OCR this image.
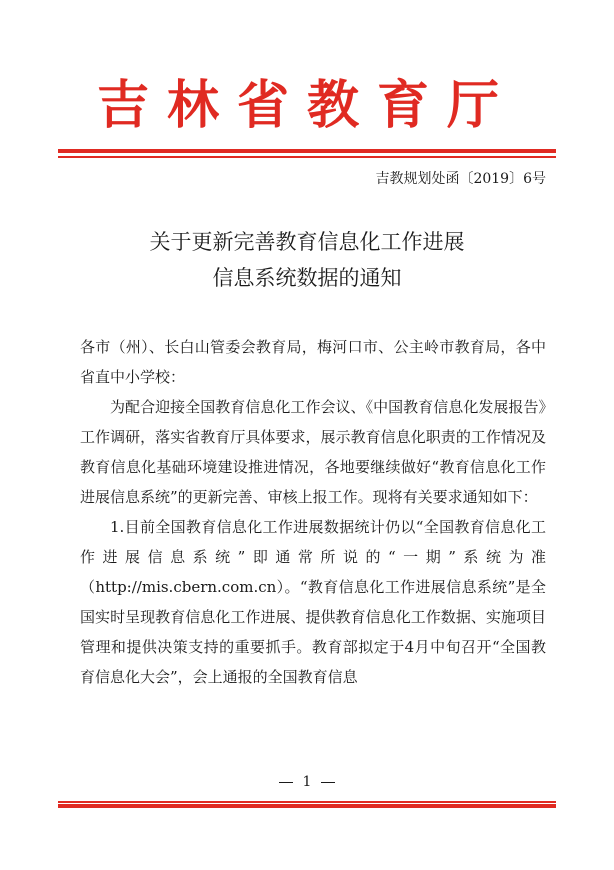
吉林省教育厅
吉教规划处函〔2019〕6号
关于更新完善教育信息化工作进展
信息系统数据的通知

各市（州）、长白山管委会教育局，梅河口市、公主岭市教育局，各中省直中小学校：

为配合迎接全国教育信息化工作会议、《中国教育信息化发展报告》工作调研，落实省教育厅具体要求，展示教育信息化职责的工作情况及教育信息化基础环境建设推进情况，各地要继续做好“教育信息化工作进展信息系统”的更新完善、审核上报工作。现将有关要求通知如下：

1.目前全国教育信息化工作进展数据统计仍以“全国教育信息化工作进展信息系统”即通常所说的“一期”系统为准（http://mis.cbern.com.cn）。“教育信息化工作进展信息系统”是全国实时呈现教育信息化工作进展、提供教育信息化工作数据、实施项目管理和提供决策支持的重要抓手。教育部拟定于4月中旬召开“全国教育信息化大会”，会上通报的全国教育信息

1
